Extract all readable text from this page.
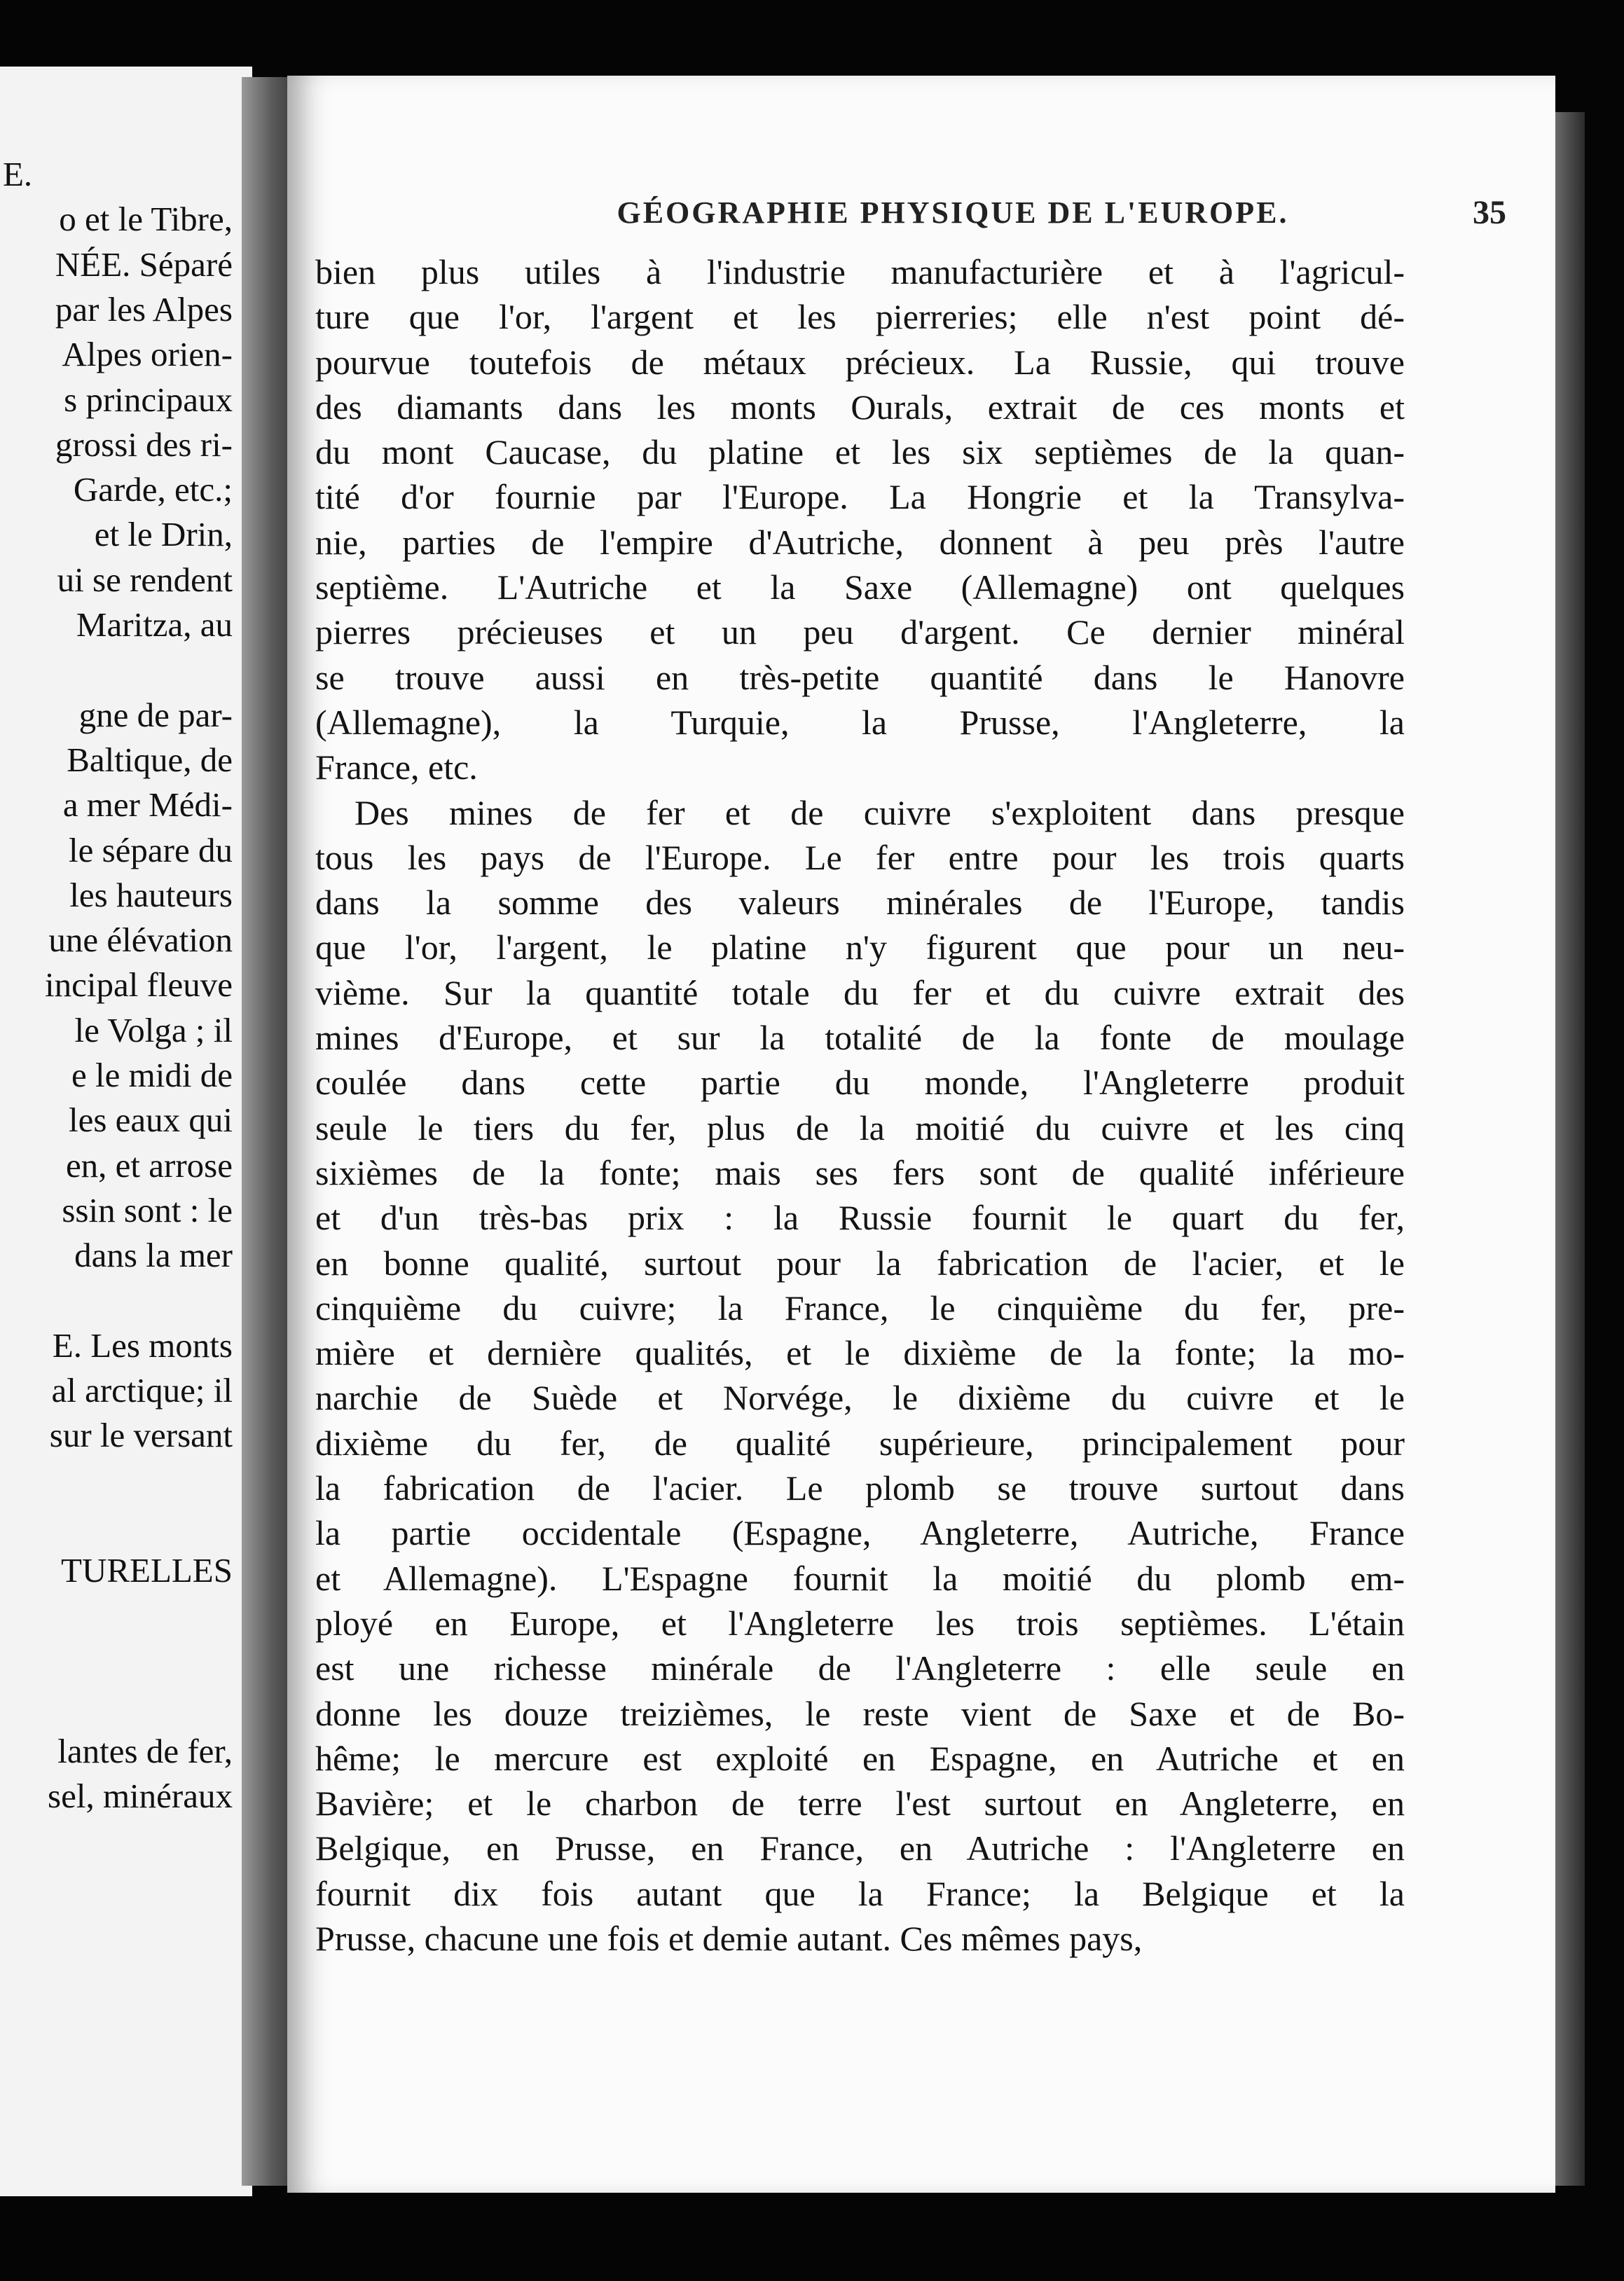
E.
o et le Tibre,
NÉE. Séparé
par les Alpes
Alpes orien-
s principaux
grossi des ri-
Garde, etc.;
et le Drin,
ui se rendent
Maritza, au
gne de par-
Baltique, de
a mer Médi-
le sépare du
les hauteurs
une élévation
incipal fleuve
le Volga ; il
e le midi de
les eaux qui
en, et arrose
ssin sont : le
dans la mer
E. Les monts
al arctique; il
sur le versant
TURELLES
lantes de fer,
sel, minéraux
GÉOGRAPHIE PHYSIQUE DE L'EUROPE.	35
bien plus utiles à l'industrie manufacturière et à l'agricul-
ture que l'or, l'argent et les pierreries; elle n'est point dé-
pourvue toutefois de métaux précieux. La Russie, qui trouve
des diamants dans les monts Ourals, extrait de ces monts et
du mont Caucase, du platine et les six septièmes de la quan-
tité d'or fournie par l'Europe. La Hongrie et la Transylva-
nie, parties de l'empire d'Autriche, donnent à peu près l'autre
septième. L'Autriche et la Saxe (Allemagne) ont quelques
pierres précieuses et un peu d'argent. Ce dernier minéral
se trouve aussi en très-petite quantité dans le Hanovre
(Allemagne), la Turquie, la Prusse, l'Angleterre, la
France, etc.
Des mines de fer et de cuivre s'exploitent dans presque
tous les pays de l'Europe. Le fer entre pour les trois quarts
dans la somme des valeurs minérales de l'Europe, tandis
que l'or, l'argent, le platine n'y figurent que pour un neu-
vième. Sur la quantité totale du fer et du cuivre extrait des
mines d'Europe, et sur la totalité de la fonte de moulage
coulée dans cette partie du monde, l'Angleterre produit
seule le tiers du fer, plus de la moitié du cuivre et les cinq
sixièmes de la fonte; mais ses fers sont de qualité inférieure
et d'un très-bas prix : la Russie fournit le quart du fer,
en bonne qualité, surtout pour la fabrication de l'acier, et le
cinquième du cuivre; la France, le cinquième du fer, pre-
mière et dernière qualités, et le dixième de la fonte; la mo-
narchie de Suède et Norvége, le dixième du cuivre et le
dixième du fer, de qualité supérieure, principalement pour
la fabrication de l'acier. Le plomb se trouve surtout dans
la partie occidentale (Espagne, Angleterre, Autriche, France
et Allemagne). L'Espagne fournit la moitié du plomb em-
ployé en Europe, et l'Angleterre les trois septièmes. L'étain
est une richesse minérale de l'Angleterre : elle seule en
donne les douze treizièmes, le reste vient de Saxe et de Bo-
hême; le mercure est exploité en Espagne, en Autriche et en
Bavière; et le charbon de terre l'est surtout en Angleterre, en
Belgique, en Prusse, en France, en Autriche : l'Angleterre en
fournit dix fois autant que la France; la Belgique et la
Prusse, chacune une fois et demie autant. Ces mêmes pays,
